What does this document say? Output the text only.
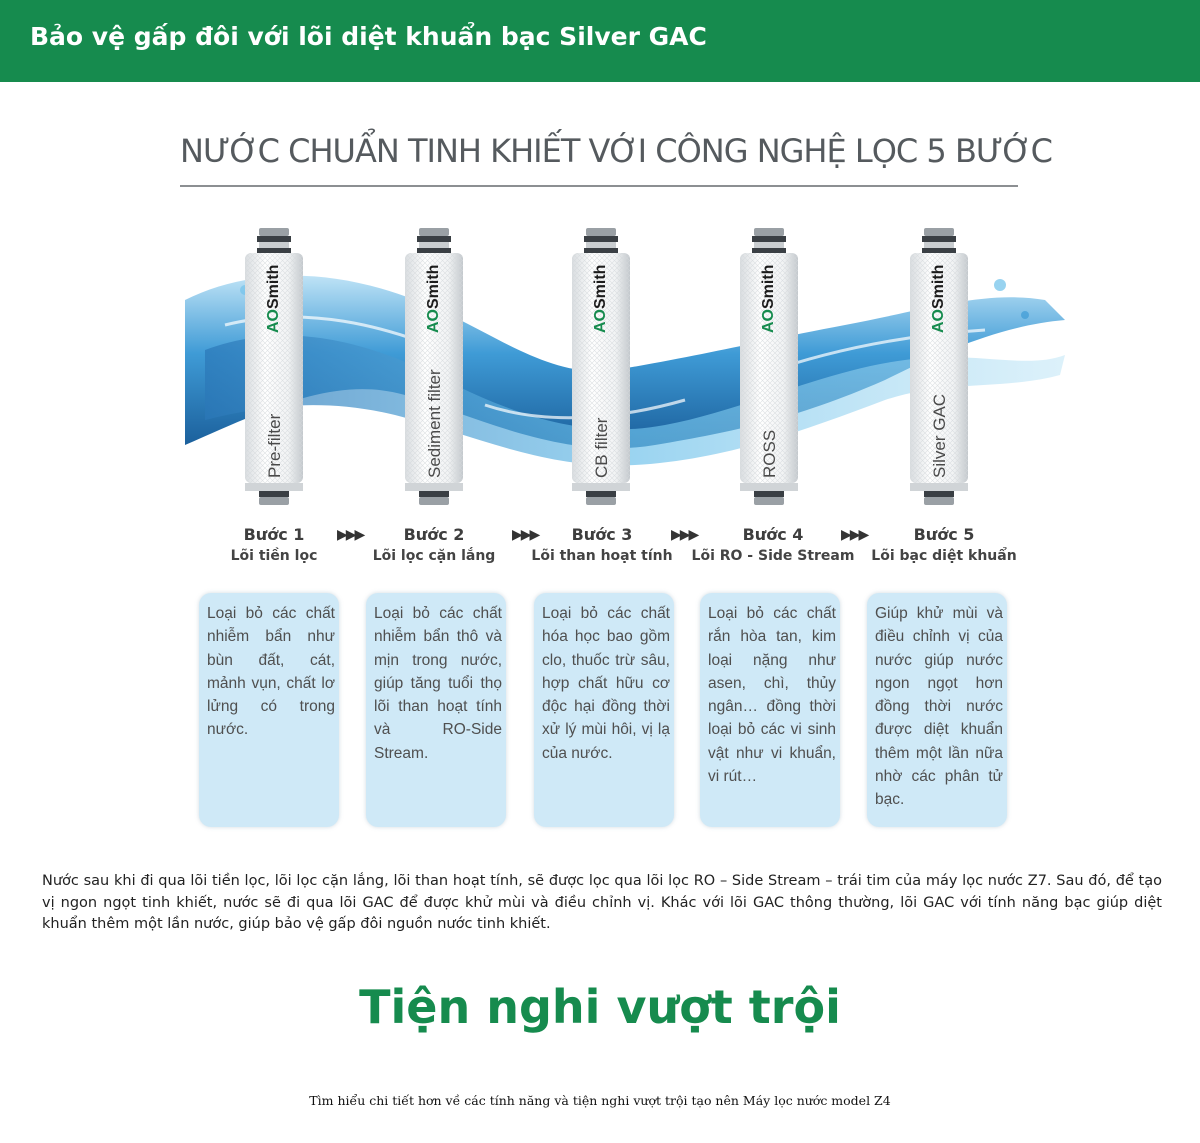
Bảo vệ gấp đôi với lõi diệt khuẩn bạc Silver GAC
NƯỚC CHUẨN TINH KHIẾT VỚI CÔNG NGHỆ LỌC 5 BƯỚC
AOSmith
Pre-filter
AOSmith
Sediment filter
AOSmith
CB filter
AOSmith
ROSS
AOSmith
Silver GAC
Bước 1
Lõi tiền lọc
Bước 2
Lõi lọc cặn lắng
Bước 3
Lõi than hoạt tính
Bước 4
Lõi RO - Side Stream
Bước 5
Lõi bạc diệt khuẩn
▶▶▶	▶▶▶	▶▶▶	▶▶▶
Loại bỏ các chất nhiễm bẩn như bùn đất, cát, mảnh vụn, chất lơ lửng có trong nước.
Loại bỏ các chất nhiễm bẩn thô và mịn trong nước, giúp tăng tuổi thọ lõi than hoạt tính và RO-Side Stream.
Loại bỏ các chất hóa học bao gồm clo, thuốc trừ sâu, hợp chất hữu cơ độc hại đồng thời xử lý mùi hôi, vị lạ của nước.
Loại bỏ các chất rắn hòa tan, kim loại nặng như asen, chì, thủy ngân… đồng thời loại bỏ các vi sinh vật như vi khuẩn, vi rút…
Giúp khử mùi và điều chỉnh vị của nước giúp nước ngon ngọt hơn đồng thời nước được diệt khuẩn thêm một lần nữa nhờ các phân tử bạc.
Nước sau khi đi qua lõi tiền lọc, lõi lọc cặn lắng, lõi than hoạt tính, sẽ được lọc qua lõi lọc RO – Side Stream – trái tim của máy lọc nước Z7. Sau đó, để tạo vị ngon ngọt tinh khiết, nước sẽ đi qua lõi GAC để được khử mùi và điều chỉnh vị. Khác với lõi GAC thông thường, lõi GAC với tính năng bạc giúp diệt khuẩn thêm một lần nước, giúp bảo vệ gấp đôi nguồn nước tinh khiết.
Tiện nghi vượt trội
Tìm hiểu chi tiết hơn về các tính năng và tiện nghi vượt trội tạo nên Máy lọc nước model Z4
